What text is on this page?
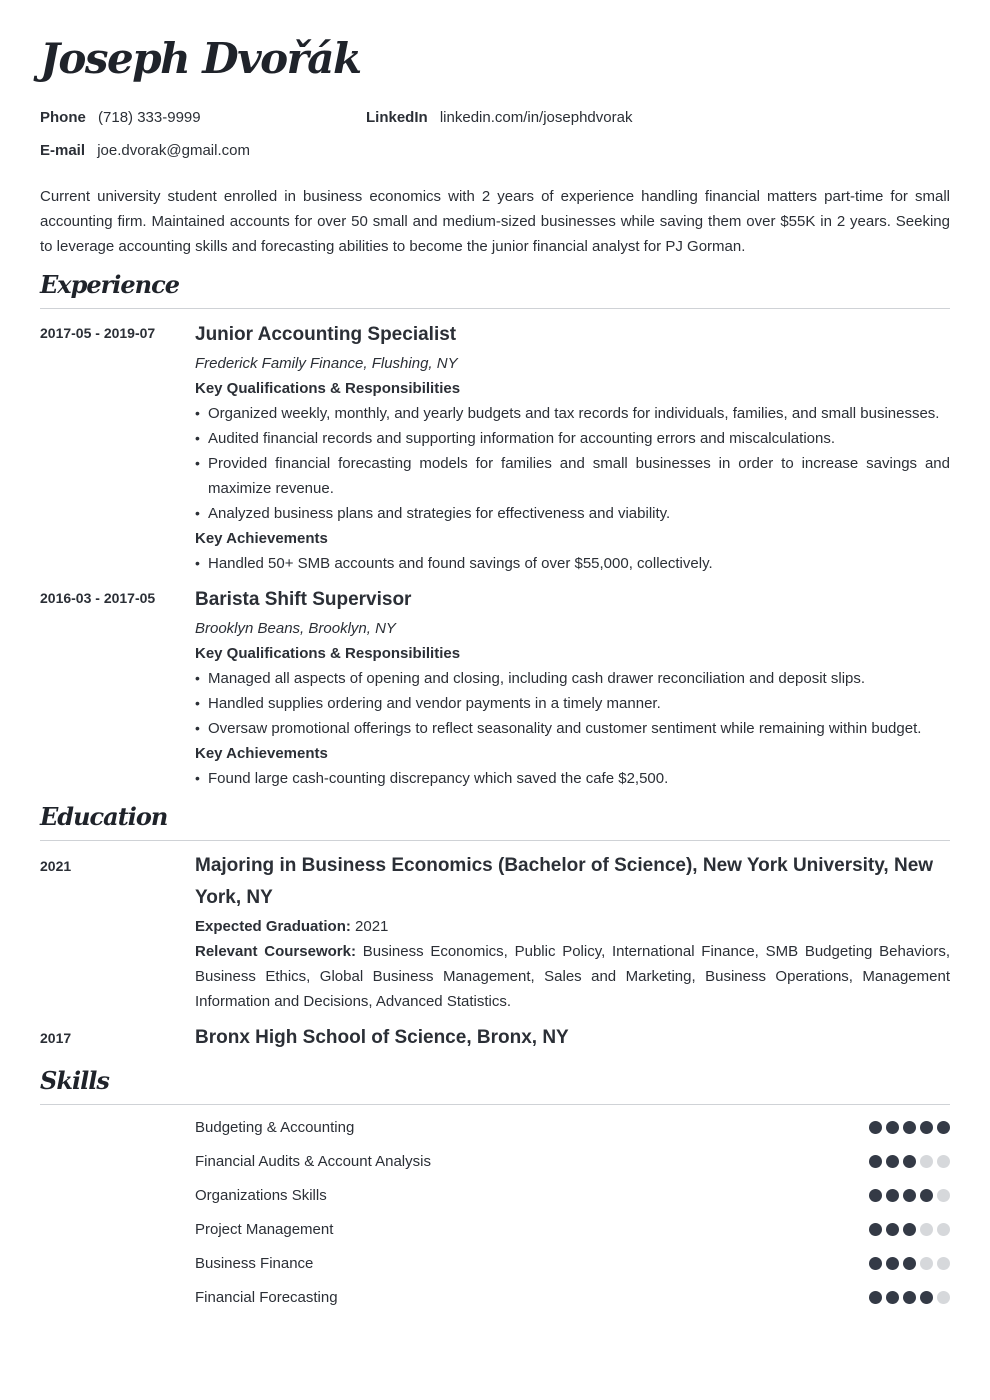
Joseph Dvořák
Phone (718) 333-9999	LinkedIn linkedin.com/in/josephdvorak
E-mail joe.dvorak@gmail.com
Current university student enrolled in business economics with 2 years of experience handling financial matters part-time for small accounting firm. Maintained accounts for over 50 small and medium-sized businesses while saving them over $55K in 2 years. Seeking to leverage accounting skills and forecasting abilities to become the junior financial analyst for PJ Gorman.
Experience
2017-05 - 2019-07	Junior Accounting Specialist
Frederick Family Finance, Flushing, NY
Key Qualifications & Responsibilities
• Organized weekly, monthly, and yearly budgets and tax records for individuals, families, and small businesses.
• Audited financial records and supporting information for accounting errors and miscalculations.
• Provided financial forecasting models for families and small businesses in order to increase savings and maximize revenue.
• Analyzed business plans and strategies for effectiveness and viability.
Key Achievements
• Handled 50+ SMB accounts and found savings of over $55,000, collectively.
2016-03 - 2017-05	Barista Shift Supervisor
Brooklyn Beans, Brooklyn, NY
Key Qualifications & Responsibilities
• Managed all aspects of opening and closing, including cash drawer reconciliation and deposit slips.
• Handled supplies ordering and vendor payments in a timely manner.
• Oversaw promotional offerings to reflect seasonality and customer sentiment while remaining within budget.
Key Achievements
• Found large cash-counting discrepancy which saved the cafe $2,500.
Education
2021	Majoring in Business Economics (Bachelor of Science), New York University, New York, NY
Expected Graduation: 2021
Relevant Coursework: Business Economics, Public Policy, International Finance, SMB Budgeting Behaviors, Business Ethics, Global Business Management, Sales and Marketing, Business Operations, Management Information and Decisions, Advanced Statistics.
2017	Bronx High School of Science, Bronx, NY
Skills
Budgeting & Accounting
Financial Audits & Account Analysis
Organizations Skills
Project Management
Business Finance
Financial Forecasting
